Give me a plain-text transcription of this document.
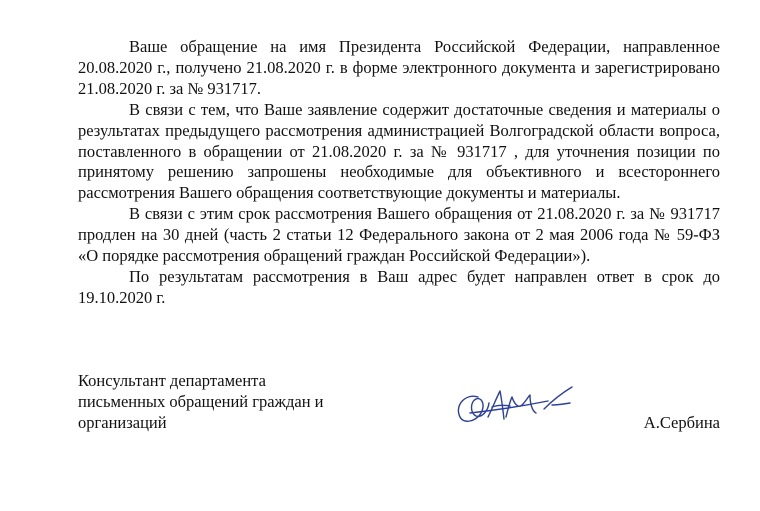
Ваше обращение на имя Президента Российской Федерации, направленное 20.08.2020 г., получено 21.08.2020 г. в форме электронного документа и зарегистрировано 21.08.2020 г. за № 931717.

В связи с тем, что Ваше заявление содержит достаточные сведения и материалы о результатах предыдущего рассмотрения администрацией Волгоградской области вопроса, поставленного в обращении от 21.08.2020 г. за № 931717 , для уточнения позиции по принятому решению запрошены необходимые для объективного и всестороннего рассмотрения Вашего обращения соответствующие документы и материалы.

В связи с этим срок рассмотрения Вашего обращения от 21.08.2020 г. за № 931717 продлен на 30 дней (часть 2 статьи 12 Федерального закона от 2 мая 2006 года № 59-ФЗ «О порядке рассмотрения обращений граждан Российской Федерации»).

По результатам рассмотрения в Ваш адрес будет направлен ответ в срок до 19.10.2020 г.

Консультант департамента
письменных обращений граждан и
организаций	А.Сербина
